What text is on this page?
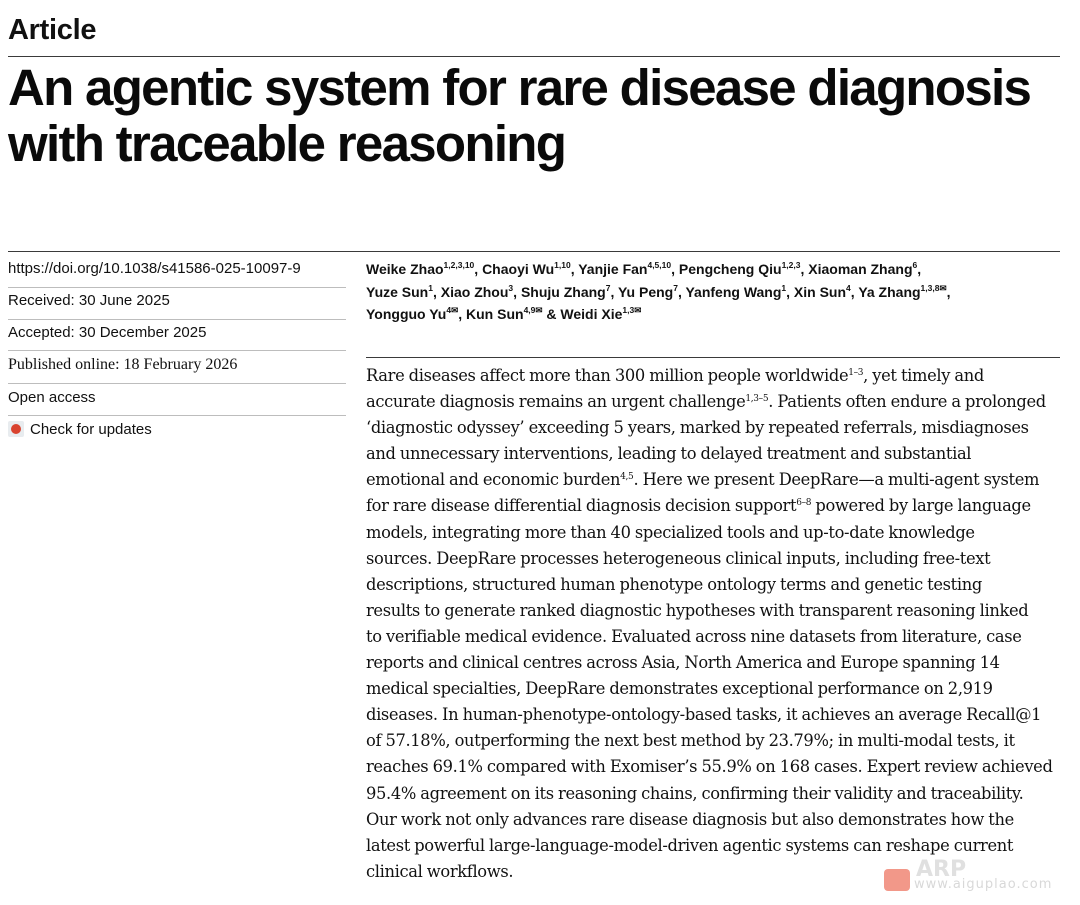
Article
An agentic system for rare disease diagnosis
with traceable reasoning
https://doi.org/10.1038/s41586-025-10097-9
Received: 30 June 2025
Accepted: 30 December 2025
Published online: 18 February 2026
Open access
Check for updates
Weike Zhao$^{1,2,3,10}$, Chaoyi Wu$^{1,10}$, Yanjie Fan$^{4,5,10}$, Pengcheng Qiu$^{1,2,3}$, Xiaoman Zhang$^6$,
Yuze Sun$^1$, Xiao Zhou$^3$, Shuju Zhang$^7$, Yu Peng$^7$, Yanfeng Wang$^1$, Xin Sun$^4$, Ya Zhang$^{1,3,8✉}$,
Yongguo $Yu^{4✉}$, Kun Sun$^{4,9✉}$ & Weidi Xie$^{1,3✉}$
Rare diseases affect more than 300 million people worldwide$^{1-3}$, yet timely and
accurate diagnosis remains an urgent challenge$^{1,3-5}$. Patients often endure a prolonged
‘diagnostic odyssey’ exceeding 5 years, marked by repeated referrals, misdiagnoses
and unnecessary interventions, leading to delayed treatment and substantial
emotional and economic burden$^{4,5}$. Here we present DeepRare—a multi-agent system
for rare disease differential diagnosis decision support$^{6-8}$ powered by large language
models, integrating more than 40 specialized tools and up-to-date knowledge
sources. DeepRare processes heterogeneous clinical inputs, including free-text
descriptions, structured human phenotype ontology terms and genetic testing
results to generate ranked diagnostic hypotheses with transparent reasoning linked
to verifiable medical evidence. Evaluated across nine datasets from literature, case
reports and clinical centres across Asia, North America and Europe spanning 14
medical specialties, DeepRare demonstrates exceptional performance on 2,919
diseases. In human-phenotype-ontology-based tasks, it achieves an average Recall@1
of 57.18%, outperforming the next best method by 23.79%; in multi-modal tests, it
reaches 69.1% compared with Exomiser’s 55.9% on 168 cases. Expert review achieved
95.4% agreement on its reasoning chains, confirming their validity and traceability.
Our work not only advances rare disease diagnosis but also demonstrates how the
latest powerful large-language-model-driven agentic systems can reshape current
clinical workflows.	ARP
www.aiguplao.com
